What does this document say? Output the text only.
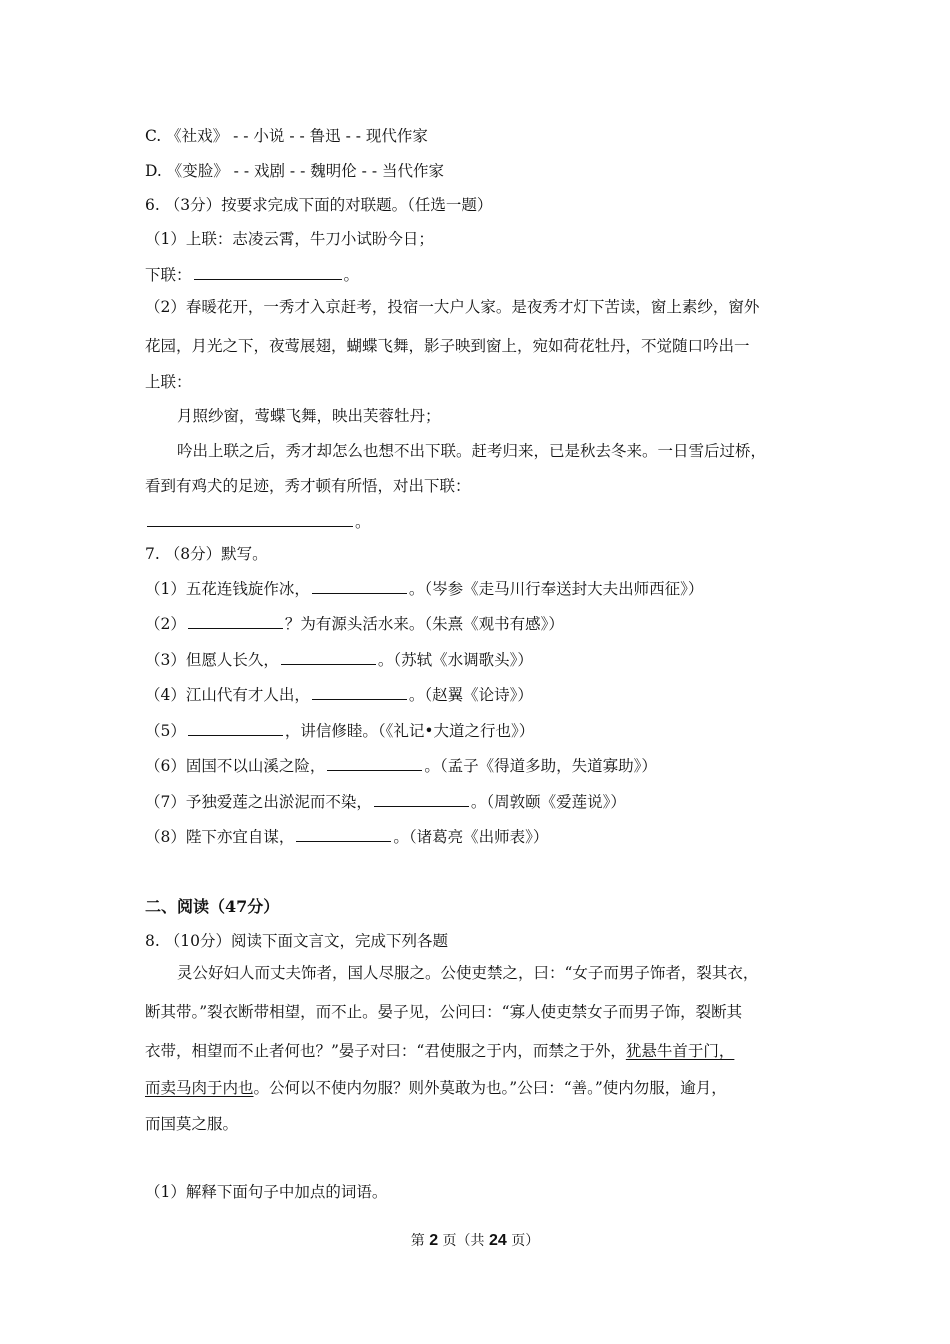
C. 《社戏》 - - 小说 - - 鲁迅 - - 现代作家
D. 《变脸》 - - 戏剧 - - 魏明伦 - - 当代作家
6. （3分）按要求完成下面的对联题。（任选一题）
（1）上联：志凌云霄，牛刀小试盼今日；
下联：	。
（2）春暖花开，一秀才入京赶考，投宿一大户人家。是夜秀才灯下苦读，窗上素纱，窗外
花园，月光之下，夜莺展翅，蝴蝶飞舞，影子映到窗上，宛如荷花牡丹，不觉随口吟出一
上联：
月照纱窗，莺蝶飞舞，映出芙蓉牡丹；
吟出上联之后，秀才却怎么也想不出下联。赶考归来，已是秋去冬来。一日雪后过桥，
看到有鸡犬的足迹，秀才顿有所悟，对出下联：
。
7. （8分）默写。
（1）五花连钱旋作冰，	。（岑参《走马川行奉送封大夫出师西征》）
（2）	？为有源头活水来。（朱熹《观书有感》）
（3）但愿人长久，	。（苏轼《水调歌头》）
（4）江山代有才人出，	。（赵翼《论诗》）
（5）	，讲信修睦。（《礼记•大道之行也》）
（6）固国不以山溪之险，	。（孟子《得道多助，失道寡助》）
（7）予独爱莲之出淤泥而不染，	。（周敦颐《爱莲说》）
（8）陛下亦宜自谋，	。（诸葛亮《出师表》）
二、阅读（47分）
8. （10分）阅读下面文言文，完成下列各题
灵公好妇人而丈夫饰者，国人尽服之。公使吏禁之，曰：“女子而男子饰者，裂其衣，
断其带。”裂衣断带相望，而不止。晏子见，公问曰：“寡人使吏禁女子而男子饰，裂断其
衣带，相望而不止者何也？”晏子对曰：“君使服之于内，而禁之于外，犹悬牛首于门，
而卖马肉于内也。公何以不使内勿服？则外莫敢为也。”公曰：“善。”使内勿服，逾月，
而国莫之服。
（1）解释下面句子中加点的词语。
第 2 页（共 24 页）
